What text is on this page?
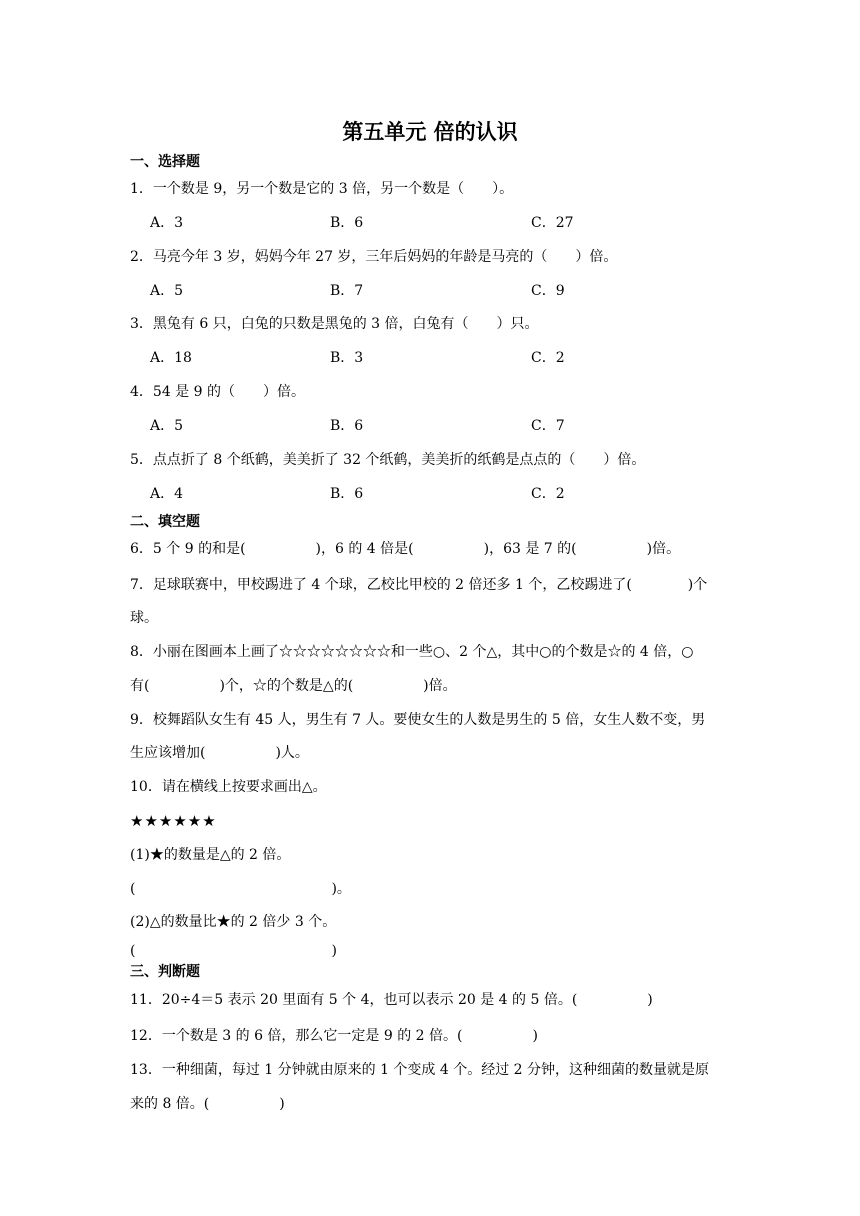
第五单元 倍的认识
一、选择题
1．一个数是 9，另一个数是它的 3 倍，另一个数是（　　）。
A．3	B．6	C．27
2．马亮今年 3 岁，妈妈今年 27 岁，三年后妈妈的年龄是马亮的（　　）倍。
A．5	B．7	C．9
3．黑兔有 6 只，白兔的只数是黑兔的 3 倍，白兔有（　　）只。
A．18	B．3	C．2
4．54 是 9 的（　　）倍。
A．5	B．6	C．7
5．点点折了 8 个纸鹤，美美折了 32 个纸鹤，美美折的纸鹤是点点的（　　）倍。
A．4	B．6	C．2
二、填空题
6．5 个 9 的和是(　　　　　)，6 的 4 倍是(　　　　　)，63 是 7 的(　　　　　)倍。
7．足球联赛中，甲校踢进了 4 个球，乙校比甲校的 2 倍还多 1 个，乙校踢进了(　　　　)个
球。
8．小丽在图画本上画了☆☆☆☆☆☆☆☆和一些○、2 个△，其中○的个数是☆的 4 倍，○
有(　　　　　)个，☆的个数是△的(　　　　　)倍。
9．校舞蹈队女生有 45 人，男生有 7 人。要使女生的人数是男生的 5 倍，女生人数不变，男
生应该增加(　　　　　)人。
10．请在横线上按要求画出△。
★★★★★★
(1)★的数量是△的 2 倍。
(　　　　　　　　　　　　　　)。
(2)△的数量比★的 2 倍少 3 个。
(　　　　　　　　　　　　　　)
三、判断题
11．20÷4＝5 表示 20 里面有 5 个 4，也可以表示 20 是 4 的 5 倍。(　　　　　)
12．一个数是 3 的 6 倍，那么它一定是 9 的 2 倍。(　　　　　)
13．一种细菌，每过 1 分钟就由原来的 1 个变成 4 个。经过 2 分钟，这种细菌的数量就是原
来的 8 倍。(　　　　　)
